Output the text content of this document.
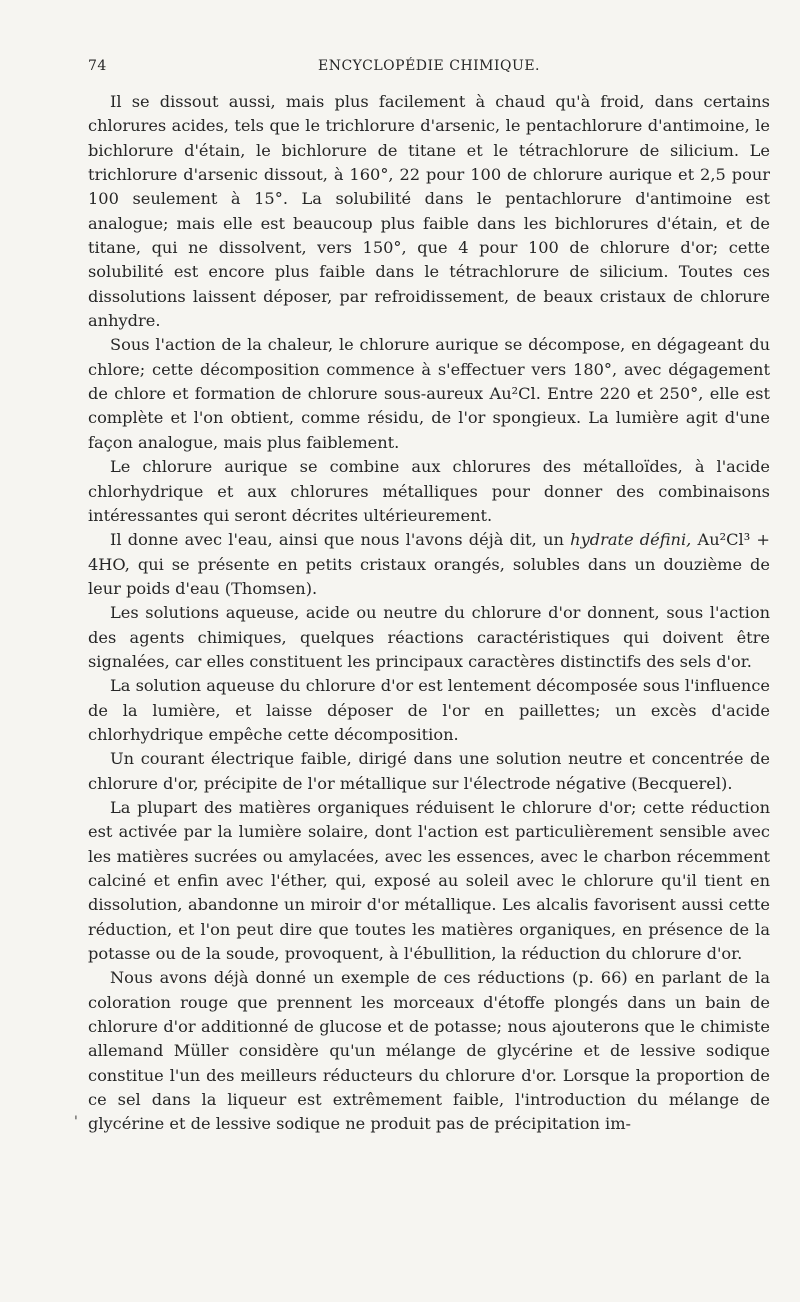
74	ENCYCLOPÉDIE CHIMIQUE.

Il se dissout aussi, mais plus facilement à chaud qu'à froid, dans certains chlorures acides, tels que le trichlorure d'arsenic, le pentachlorure d'antimoine, le bichlorure d'étain, le bichlorure de titane et le tétrachlorure de silicium. Le trichlorure d'arsenic dissout, à 160°, 22 pour 100 de chlorure aurique et 2,5 pour 100 seulement à 15°. La solubilité dans le pentachlorure d'antimoine est analogue; mais elle est beaucoup plus faible dans les bichlorures d'étain, et de titane, qui ne dissolvent, vers 150°, que 4 pour 100 de chlorure d'or; cette solubilité est encore plus faible dans le tétrachlorure de silicium. Toutes ces dissolutions laissent déposer, par refroidissement, de beaux cristaux de chlorure anhydre.

Sous l'action de la chaleur, le chlorure aurique se décompose, en dégageant du chlore; cette décomposition commence à s'effectuer vers 180°, avec dégagement de chlore et formation de chlorure sous-aureux Au²Cl. Entre 220 et 250°, elle est complète et l'on obtient, comme résidu, de l'or spongieux. La lumière agit d'une façon analogue, mais plus faiblement.

Le chlorure aurique se combine aux chlorures des métalloïdes, à l'acide chlorhydrique et aux chlorures métalliques pour donner des combinaisons intéressantes qui seront décrites ultérieurement.

Il donne avec l'eau, ainsi que nous l'avons déjà dit, un hydrate défini, Au²Cl³ + 4HO, qui se présente en petits cristaux orangés, solubles dans un douzième de leur poids d'eau (Thomsen).

Les solutions aqueuse, acide ou neutre du chlorure d'or donnent, sous l'action des agents chimiques, quelques réactions caractéristiques qui doivent être signalées, car elles constituent les principaux caractères distinctifs des sels d'or.

La solution aqueuse du chlorure d'or est lentement décomposée sous l'influence de la lumière, et laisse déposer de l'or en paillettes; un excès d'acide chlorhydrique empêche cette décomposition.

Un courant électrique faible, dirigé dans une solution neutre et concentrée de chlorure d'or, précipite de l'or métallique sur l'électrode négative (Becquerel).

La plupart des matières organiques réduisent le chlorure d'or; cette réduction est activée par la lumière solaire, dont l'action est particulièrement sensible avec les matières sucrées ou amylacées, avec les essences, avec le charbon récemment calciné et enfin avec l'éther, qui, exposé au soleil avec le chlorure qu'il tient en dissolution, abandonne un miroir d'or métallique. Les alcalis favorisent aussi cette réduction, et l'on peut dire que toutes les matières organiques, en présence de la potasse ou de la soude, provoquent, à l'ébullition, la réduction du chlorure d'or.

Nous avons déjà donné un exemple de ces réductions (p. 66) en parlant de la coloration rouge que prennent les morceaux d'étoffe plongés dans un bain de chlorure d'or additionné de glucose et de potasse; nous ajouterons que le chimiste allemand Müller considère qu'un mélange de glycérine et de lessive sodique constitue l'un des meilleurs réducteurs du chlorure d'or. Lorsque la proportion de ce sel dans la liqueur est extrêmement faible, l'introduction du mélange de glycérine et de lessive sodique ne produit pas de précipitation im-

'
